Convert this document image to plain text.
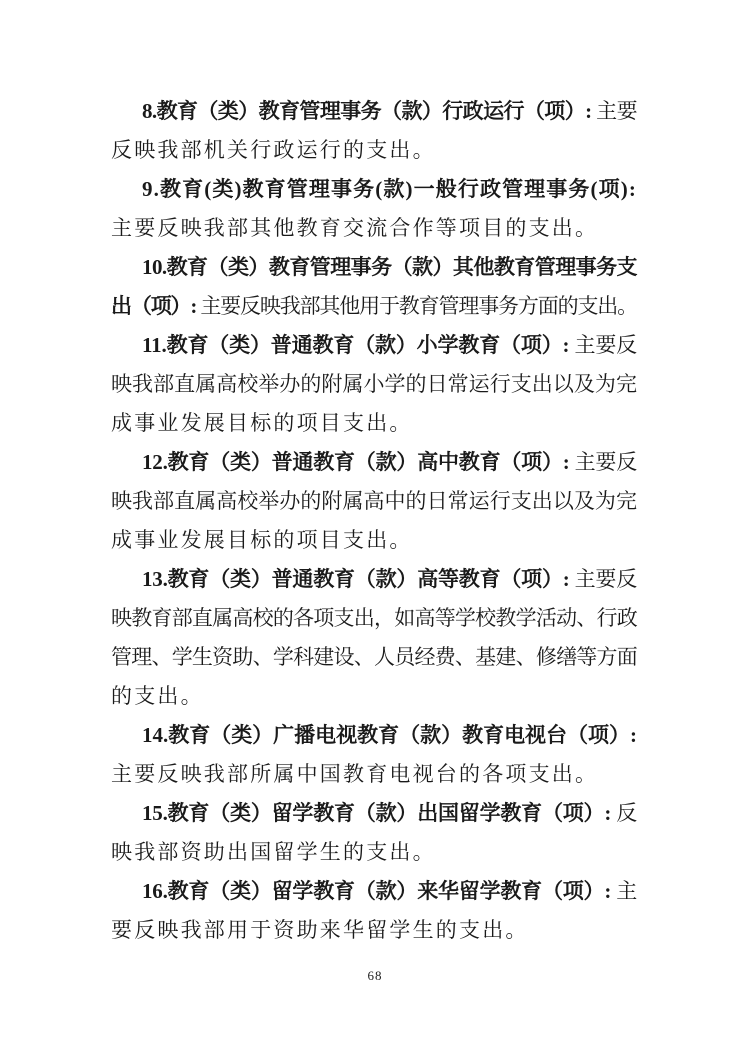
8.教育（类）教育管理事务（款）行政运行（项）: 主要
反映我部机关行政运行的支出。
9.教育(类)教育管理事务(款)一般行政管理事务(项):
主要反映我部其他教育交流合作等项目的支出。
10.教育（类）教育管理事务（款）其他教育管理事务支
出（项）: 主要反映我部其他用于教育管理事务方面的支出。
11.教育（类）普通教育（款）小学教育（项）: 主要反
映我部直属高校举办的附属小学的日常运行支出以及为完
成事业发展目标的项目支出。
12.教育（类）普通教育（款）高中教育（项）: 主要反
映我部直属高校举办的附属高中的日常运行支出以及为完
成事业发展目标的项目支出。
13.教育（类）普通教育（款）高等教育（项）: 主要反
映教育部直属高校的各项支出，如高等学校教学活动、行政
管理、学生资助、学科建设、人员经费、基建、修缮等方面
的支出。
14.教育（类）广播电视教育（款）教育电视台（项）:
主要反映我部所属中国教育电视台的各项支出。
15.教育（类）留学教育（款）出国留学教育（项）: 反
映我部资助出国留学生的支出。
16.教育（类）留学教育（款）来华留学教育（项）: 主
要反映我部用于资助来华留学生的支出。
68
